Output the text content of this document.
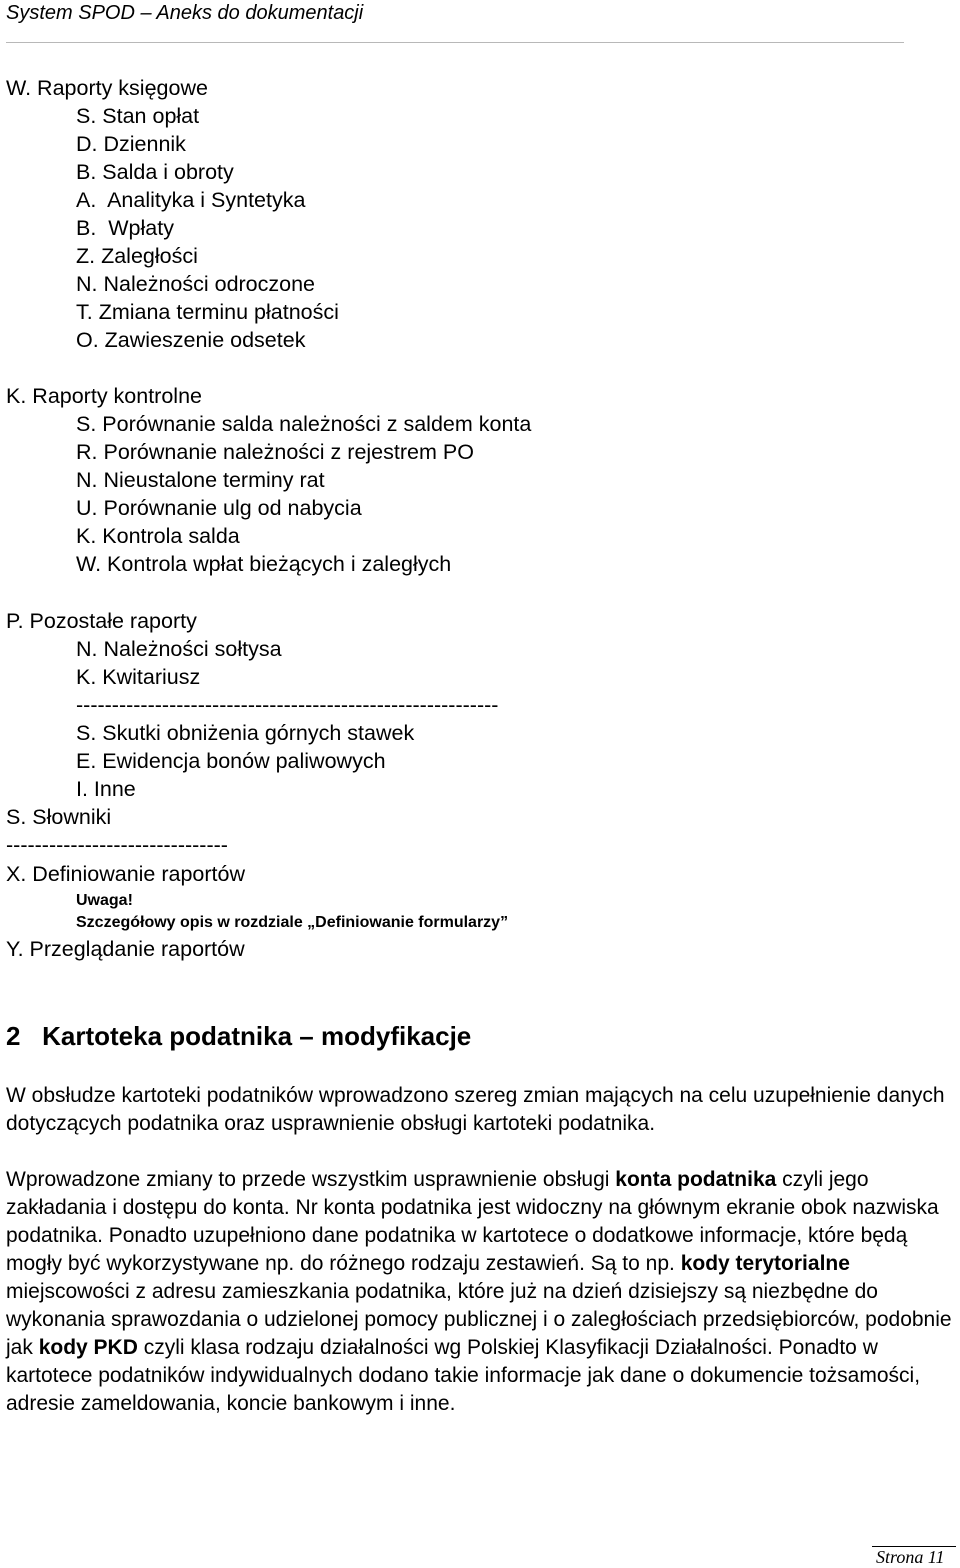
System SPOD – Aneks do dokumentacji
W. Raporty księgowe
S. Stan opłat
D. Dziennik
B. Salda i obroty
A.  Analityka i Syntetyka
B.  Wpłaty
Z. Zaległości
N. Należności odroczone
T. Zmiana terminu płatności
O. Zawieszenie odsetek
K. Raporty kontrolne
S. Porównanie salda należności z saldem konta
R. Porównanie należności z rejestrem PO
N. Nieustalone terminy rat
U. Porównanie ulg od nabycia
K. Kontrola salda
W. Kontrola wpłat bieżących i zaległych
P. Pozostałe raporty
N. Należności sołtysa
K. Kwitariusz
-----------------------------------------------------------
S. Skutki obniżenia górnych stawek
E. Ewidencja bonów paliwowych
I. Inne
S. Słowniki
-------------------------------
X. Definiowanie raportów
Uwaga!
Szczegółowy opis w rozdziale „Definiowanie formularzy”
Y. Przeglądanie raportów
2   Kartoteka podatnika – modyfikacje
W obsłudze kartoteki podatników wprowadzono szereg zmian mających na celu uzupełnienie danych dotyczących podatnika oraz usprawnienie obsługi kartoteki podatnika.
Wprowadzone zmiany to przede wszystkim usprawnienie obsługi konta podatnika czyli jego zakładania i dostępu do konta. Nr konta podatnika jest widoczny na głównym ekranie obok nazwiska podatnika. Ponadto uzupełniono dane podatnika w kartotece o dodatkowe informacje, które będą mogły być wykorzystywane np. do różnego rodzaju zestawień. Są to np. kody terytorialne miejscowości z adresu zamieszkania podatnika, które już na dzień dzisiejszy są niezbędne do wykonania sprawozdania o udzielonej pomocy publicznej i o zaległościach przedsiębiorców, podobnie jak kody PKD czyli klasa rodzaju działalności wg Polskiej Klasyfikacji Działalności. Ponadto w kartotece podatników indywidualnych dodano takie informacje jak dane o dokumencie tożsamości, adresie zameldowania, koncie bankowym i inne.
Strona 11
